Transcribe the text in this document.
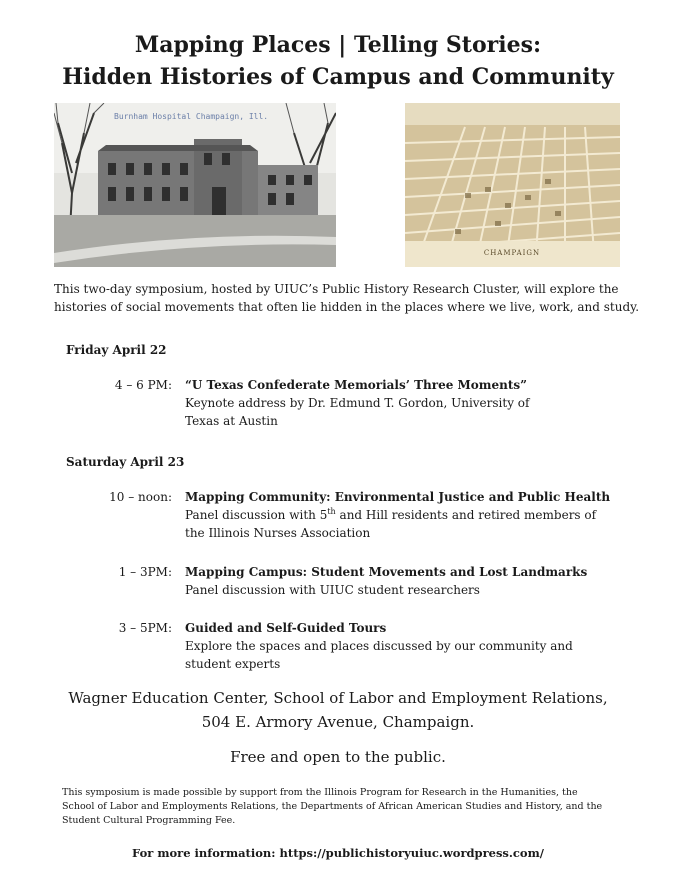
Mapping Places | Telling Stories:
Hidden Histories of Campus and Community
Burnham Hospital Champaign, Ill.
CHAMPAIGN

This two-day symposium, hosted by UIUC’s Public History Research Cluster, will explore the
histories of social movements that often lie hidden in the places where we live, work, and study.

Friday April 22
4 – 6 PM: “U Texas Confederate Memorials’ Three Moments”
Keynote address by Dr. Edmund T. Gordon, University of
Texas at Austin
Saturday April 23
10 – noon: Mapping Community: Environmental Justice and Public Health
Panel discussion with 5th and Hill residents and retired members of
the Illinois Nurses Association
1 – 3PM: Mapping Campus: Student Movements and Lost Landmarks
Panel discussion with UIUC student researchers
3 – 5PM: Guided and Self-Guided Tours
Explore the spaces and places discussed by our community and
student experts
Wagner Education Center, School of Labor and Employment Relations,
504 E. Armory Avenue, Champaign.
Free and open to the public.

This symposium is made possible by support from the Illinois Program for Research in the Humanities, the
School of Labor and Employments Relations, the Departments of African American Studies and History, and the
Student Cultural Programming Fee.

For more information: https://publichistoryuiuc.wordpress.com/
